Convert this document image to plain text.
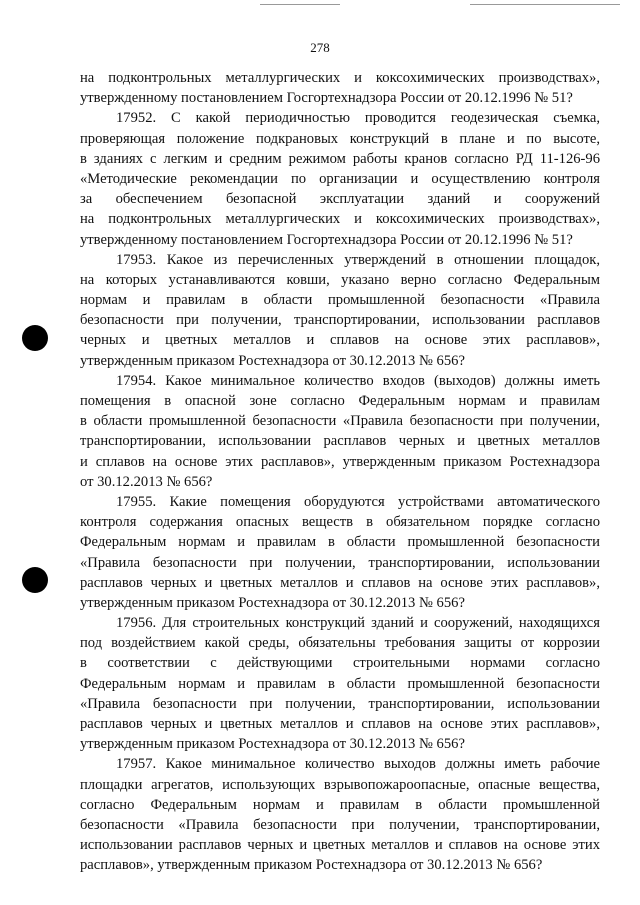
278
на подконтрольных металлургических и коксохимических производствах»,
утвержденному постановлением Госгортехнадзора России от 20.12.1996 № 51?
17952. С какой периодичностью проводится геодезическая съемка,
проверяющая положение подкрановых конструкций в плане и по высоте,
в зданиях с легким и средним режимом работы кранов согласно РД 11-126-96
«Методические рекомендации по организации и осуществлению контроля
за обеспечением безопасной эксплуатации зданий и сооружений
на подконтрольных металлургических и коксохимических производствах»,
утвержденному постановлением Госгортехнадзора России от 20.12.1996 № 51?
17953. Какое из перечисленных утверждений в отношении площадок,
на которых устанавливаются ковши, указано верно согласно Федеральным
нормам и правилам в области промышленной безопасности «Правила
безопасности при получении, транспортировании, использовании расплавов
черных и цветных металлов и сплавов на основе этих расплавов»,
утвержденным приказом Ростехнадзора от 30.12.2013 № 656?
17954. Какое минимальное количество входов (выходов) должны иметь
помещения в опасной зоне согласно Федеральным нормам и правилам
в области промышленной безопасности «Правила безопасности при получении,
транспортировании, использовании расплавов черных и цветных металлов
и сплавов на основе этих расплавов», утвержденным приказом Ростехнадзора
от 30.12.2013 № 656?
17955. Какие помещения оборудуются устройствами автоматического
контроля содержания опасных веществ в обязательном порядке согласно
Федеральным нормам и правилам в области промышленной безопасности
«Правила безопасности при получении, транспортировании, использовании
расплавов черных и цветных металлов и сплавов на основе этих расплавов»,
утвержденным приказом Ростехнадзора от 30.12.2013 № 656?
17956. Для строительных конструкций зданий и сооружений, находящихся
под воздействием какой среды, обязательны требования защиты от коррозии
в соответствии с действующими строительными нормами согласно
Федеральным нормам и правилам в области промышленной безопасности
«Правила безопасности при получении, транспортировании, использовании
расплавов черных и цветных металлов и сплавов на основе этих расплавов»,
утвержденным приказом Ростехнадзора от 30.12.2013 № 656?
17957. Какое минимальное количество выходов должны иметь рабочие
площадки агрегатов, использующих взрывопожароопасные, опасные вещества,
согласно Федеральным нормам и правилам в области промышленной
безопасности «Правила безопасности при получении, транспортировании,
использовании расплавов черных и цветных металлов и сплавов на основе этих
расплавов», утвержденным приказом Ростехнадзора от 30.12.2013 № 656?
